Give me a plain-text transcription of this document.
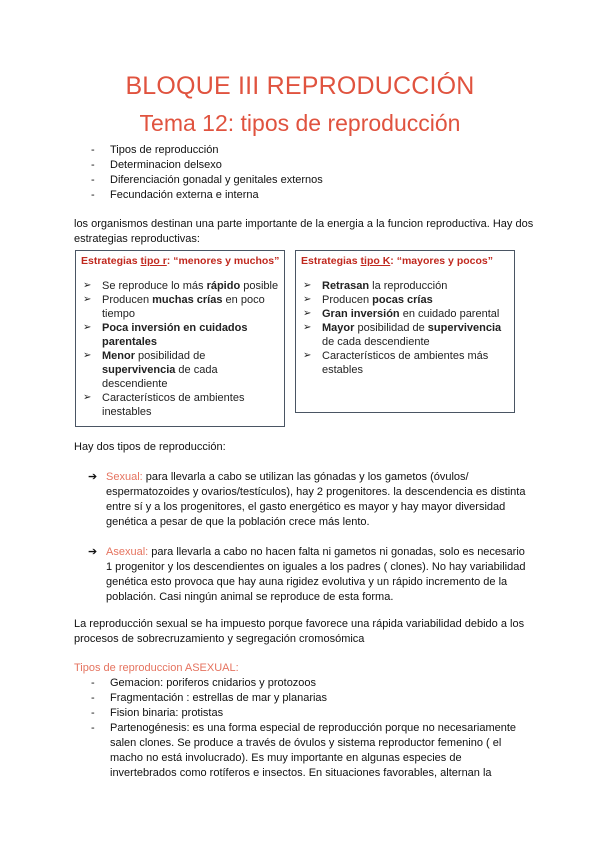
BLOQUE III REPRODUCCIÓN
Tema 12: tipos de reproducción
- Tipos de reproducción
- Determinacion delsexo
- Diferenciación gonadal y genitales externos
- Fecundación externa e interna

los organismos destinan una parte importante de la energia a la funcion reproductiva. Hay dos estrategias reproductivas:

Estrategias tipo r: “menores y muchos”
➢ Se reproduce lo más rápido posible
➢ Producen muchas crías en poco tiempo
➢ Poca inversión en cuidados parentales
➢ Menor posibilidad de supervivencia de cada descendiente
➢ Característicos de ambientes inestables
Estrategias tipo K: “mayores y pocos”
➢ Retrasan la reproducción
➢ Producen pocas crías
➢ Gran inversión en cuidado parental
➢ Mayor posibilidad de supervivencia de cada descendiente
➢ Característicos de ambientes más estables

Hay dos tipos de reproducción:

➔ Sexual: para llevarla a cabo se utilizan las gónadas y los gametos (óvulos/ espermatozoides y ovarios/testículos), hay 2 progenitores. la descendencia es distinta entre sí y a los progenitores, el gasto energético es mayor y hay mayor diversidad genética a pesar de que la población crece más lento.
➔ Asexual: para llevarla a cabo no hacen falta ni gametos ni gonadas, solo es necesario 1 progenitor y los descendientes on iguales a los padres ( clones). No hay variabilidad genética esto provoca que hay auna rigidez evolutiva y un rápido incremento de la población. Casi ningún animal se reproduce de esta forma.

La reproducción sexual se ha impuesto porque favorece una rápida variabilidad debido a los procesos de sobrecruzamiento y segregación cromosómica

Tipos de reproduccion ASEXUAL:

- Gemacion: poriferos cnidarios y protozoos
- Fragmentación : estrellas de mar y planarias
- Fision binaria: protistas
- Partenogénesis: es una forma especial de reproducción porque no necesariamente salen clones. Se produce a través de óvulos y sistema reproductor femenino ( el macho no está involucrado). Es muy importante en algunas especies de invertebrados como rotíferos e insectos. En situaciones favorables, alternan la
